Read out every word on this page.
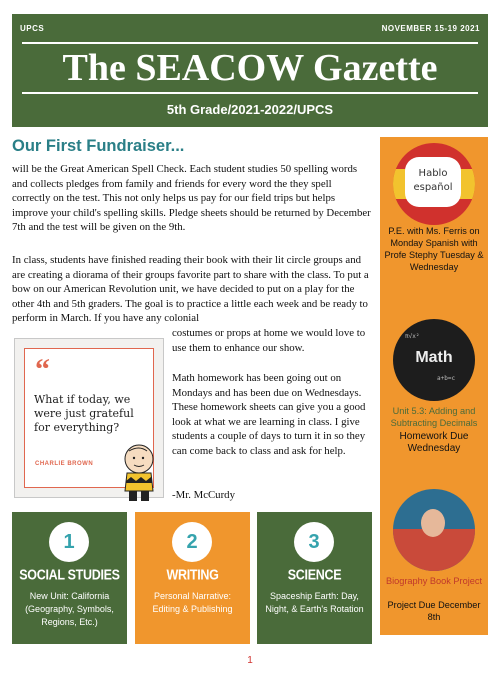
UPCS	NOVEMBER 15-19 2021
The SEACOW Gazette
5th Grade/2021-2022/UPCS
Our First Fundraiser...
will be the Great American Spell Check. Each student studies 50 spelling words and collects pledges from family and friends for every word the they spell correctly on the test. This not only helps us pay for our field trips but helps improve your child's spelling skills. Pledge sheets should be returned by December 7th and the test will be given on the 9th.
In class, students have finished reading their book with their lit circle groups and are creating a diorama of their groups favorite part to share with the class. To put a bow on our American Revolution unit, we have decided to put on a play for the other 4th and 5th graders. The goal is to practice a little each week and be ready to perform in March. If you have any colonial
costumes or props at home we would love to use them to enhance our show.
Math homework has been going out on Mondays and has been due on Wednesdays. These homework sheets can give you a good look at what we are learning in class. I give students a couple of days to turn it in so they can come back to class and ask for help.
-Mr. McCurdy
“
What if today, we were just grateful for everything?
CHARLIE BROWN
Hablo español
P.E. with Ms. Ferris on Monday Spanish with Profe Stephy Tuesday & Wednesday
π√x²
a+b=c
Math
Unit 5.3: Adding and Subtracting Decimals
Homework Due Wednesday
Biography Book Project
Project Due December 8th
1
SOCIAL STUDIES
New Unit: California (Geography, Symbols, Regions, Etc.)
2
WRITING
Personal Narrative: Editing & Publishing
3
SCIENCE
Spaceship Earth: Day, Night, & Earth's Rotation
1
